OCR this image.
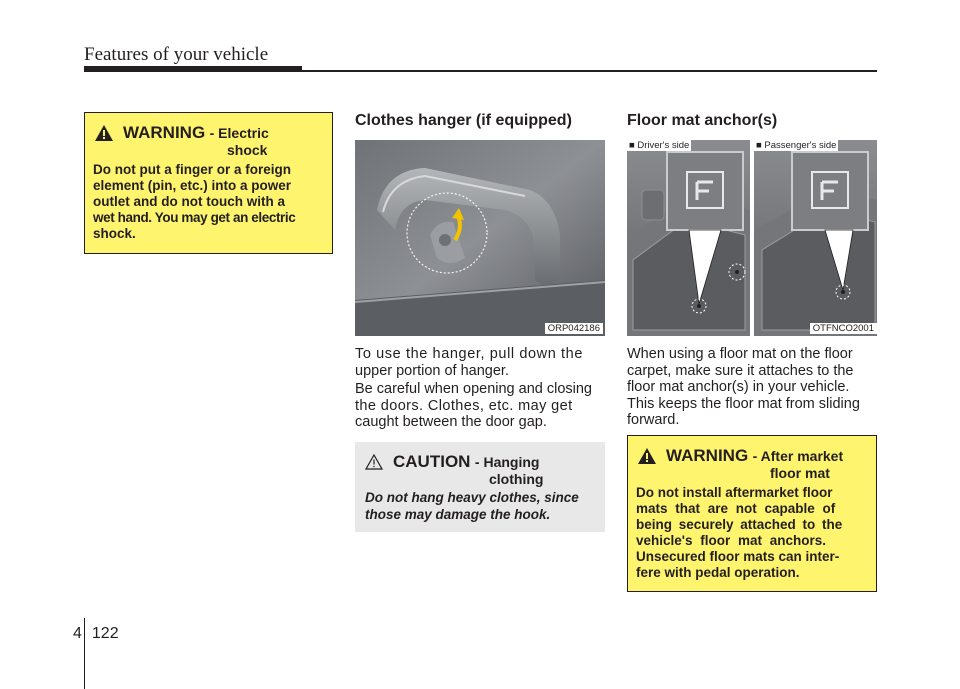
Features of your vehicle
WARNING - Electric
shock
Do not put a finger or a foreign
element (pin, etc.) into a power
outlet and do not touch with a
wet hand. You may get an electric
shock.
Clothes hanger (if equipped)
ORP042186
To use the hanger, pull down the
upper portion of hanger.
Be careful when opening and closing
the doors. Clothes, etc. may get
caught between the door gap.
CAUTION - Hanging
clothing
Do not hang heavy clothes, since
those may damage the hook.
Floor mat anchor(s)
■ Driver's side	■ Passenger's side
OTFNCO2001
When using a floor mat on the floor
carpet, make sure it attaches to the
floor mat anchor(s) in your vehicle.
This keeps the floor mat from sliding
forward.
WARNING - After market
floor mat
Do not install aftermarket floor
mats that are not capable of
being securely attached to the
vehicle's floor mat anchors.
Unsecured floor mats can inter-
fere with pedal operation.
4 122
